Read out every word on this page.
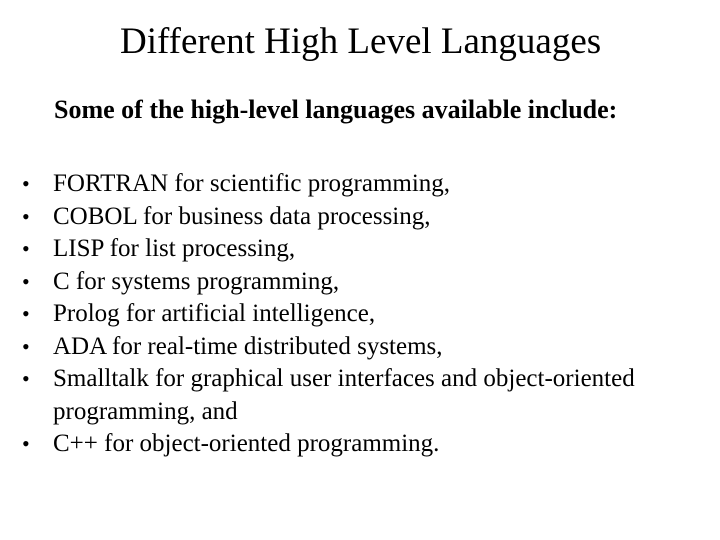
Different High Level Languages

Some of the high-level languages available include:

• FORTRAN for scientific programming,
• COBOL for business data processing,
• LISP for list processing,
• C for systems programming,
• Prolog for artificial intelligence,
• ADA for real-time distributed systems,
• Smalltalk for graphical user interfaces and object-oriented programming, and
• C++ for object-oriented programming.
